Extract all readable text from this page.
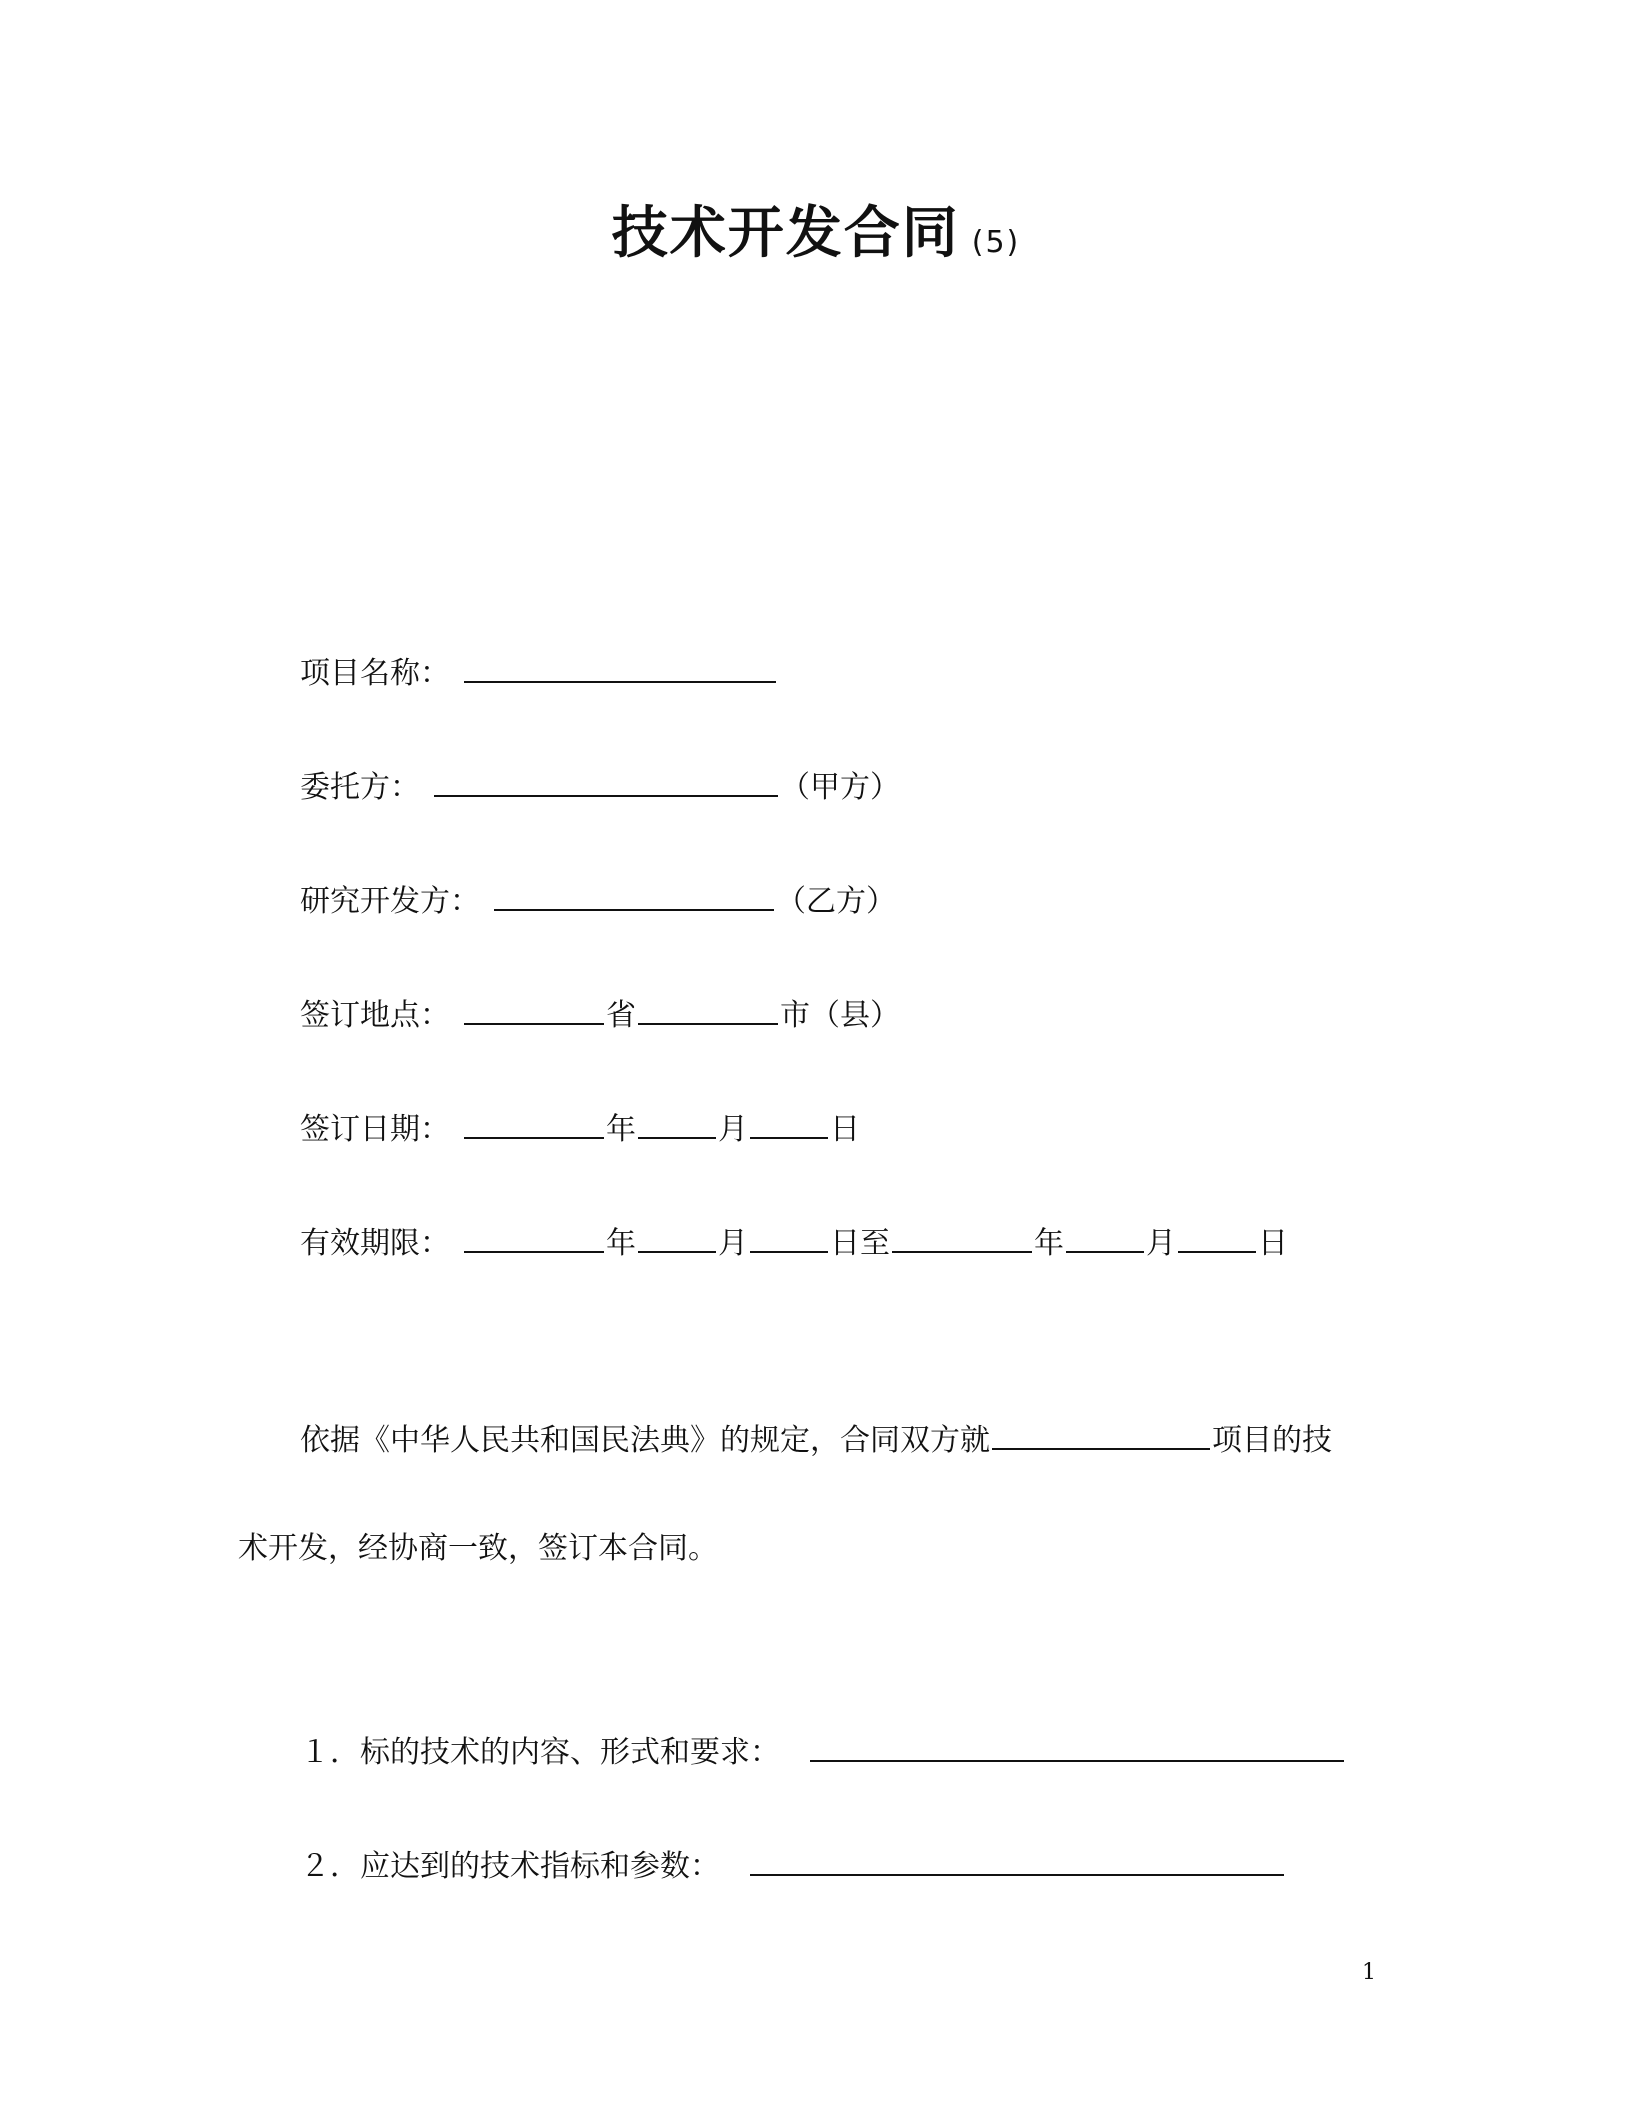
技术开发合同 (5)
项目名称：
委托方：	（甲方）
研究开发方：	（乙方）
签订地点：	省	市（县）
签订日期：	年	月	日
有效期限：	年	月	日至	年	月	日
依据《中华人民共和国民法典》的规定，合同双方就	项目的技
术开发，经协商一致，签订本合同。
１．标的技术的内容、形式和要求：
２．应达到的技术指标和参数：
1
